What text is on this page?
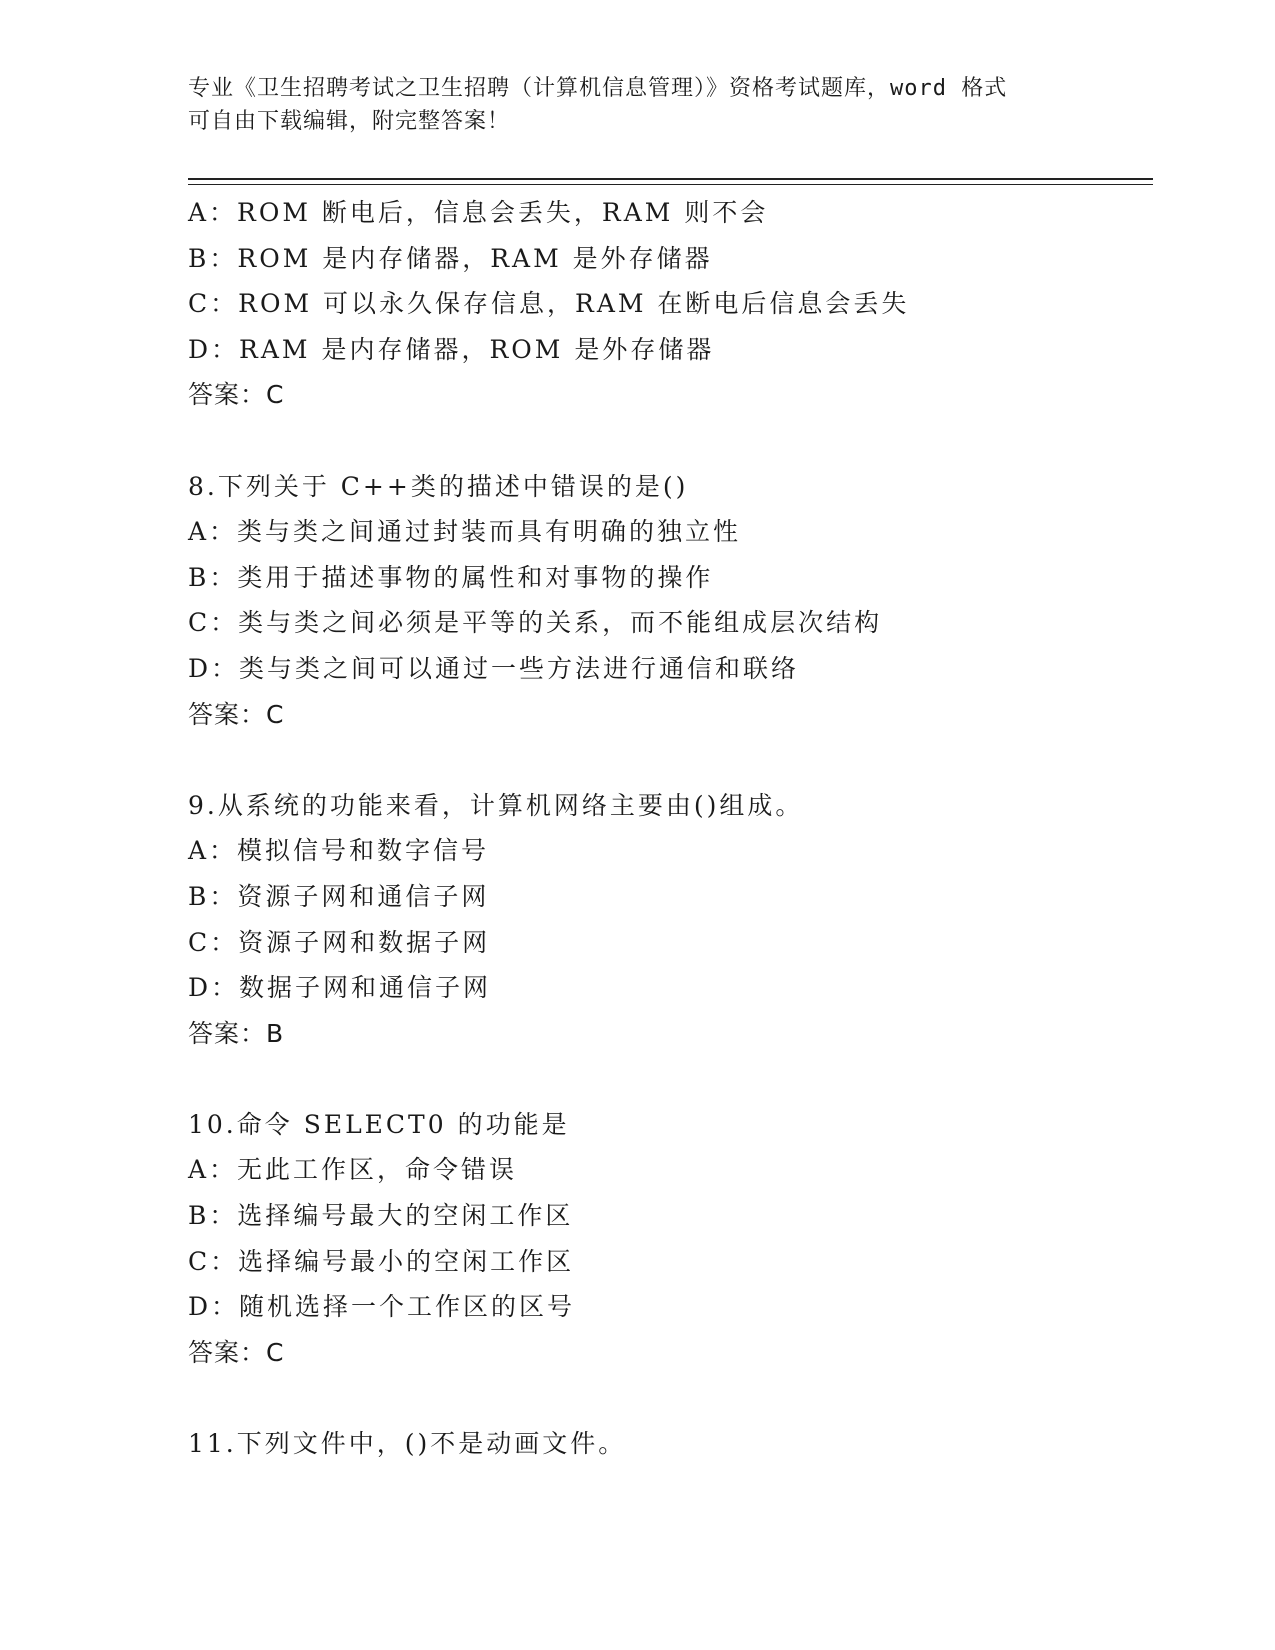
专业《卫生招聘考试之卫生招聘（计算机信息管理）》资格考试题库，word 格式
可自由下载编辑，附完整答案！
A：ROM 断电后，信息会丢失，RAM 则不会
B：ROM 是内存储器，RAM 是外存储器
C：ROM 可以永久保存信息，RAM 在断电后信息会丢失
D：RAM 是内存储器，ROM 是外存储器
答案：C
8.下列关于 C++类的描述中错误的是()
A：类与类之间通过封装而具有明确的独立性
B：类用于描述事物的属性和对事物的操作
C：类与类之间必须是平等的关系，而不能组成层次结构
D：类与类之间可以通过一些方法进行通信和联络
答案：C
9.从系统的功能来看，计算机网络主要由()组成。
A：模拟信号和数字信号
B：资源子网和通信子网
C：资源子网和数据子网
D：数据子网和通信子网
答案：B
10.命令 SELECT0 的功能是
A：无此工作区，命令错误
B：选择编号最大的空闲工作区
C：选择编号最小的空闲工作区
D：随机选择一个工作区的区号
答案：C
11.下列文件中，()不是动画文件。
